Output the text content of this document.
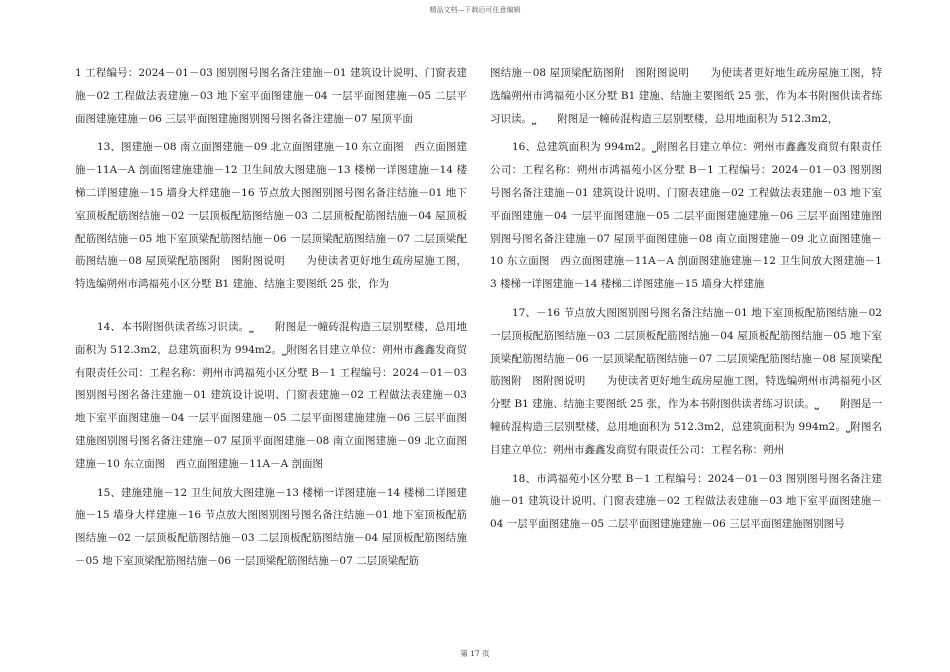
精品文档—下载后可任意编辑

1 工程编号：2024－01－03 图别图号图名备注建施－01 建筑设计说明、门窗表建施－02 工程做法表建施－03 地下室平面图建施－04 一层平面图建施－05 二层平面图建施建施－06 三层平面图建施图别图号图名备注建施－07 屋顶平面

13、图建施－08 南立面图建施－09 北立面图建施－10 东立面图　西立面图建施－11A－A 剖面图建施建施－12 卫生间放大图建施－13 楼梯一详图建施－14 楼梯二详图建施－15 墙身大样建施－16 节点放大图图别图号图名备注结施－01 地下室顶板配筋图结施－02 一层顶板配筋图结施－03 二层顶板配筋图结施－04 屋顶板配筋图结施－05 地下室顶梁配筋图结施－06 一层顶梁配筋图结施－07 二层顶梁配筋图结施－08 屋顶梁配筋图附　图附图说明　　为使读者更好地生疏房屋施工图，特选编朔州市鸿福苑小区分墅 B1 建施、结施主要图纸 25 张，作为

14、本书附图供读者练习识读。⎵　　附图是一幢砖混构造三层别墅楼，总用地面积为 512.3m2，总建筑面积为 994m2。⎵附图名目建立单位：朔州市鑫鑫发商贸有限责任公司：工程名称：朔州市鸿福苑小区分墅 B－1 工程编号：2024－01－03 图别图号图名备注建施－01 建筑设计说明、门窗表建施－02 工程做法表建施－03 地下室平面图建施－04 一层平面图建施－05 二层平面图建施建施－06 三层平面图建施图别图号图名备注建施－07 屋顶平面图建施－08 南立面图建施－09 北立面图建施－10 东立面图　西立面图建施－11A－A 剖面图

15、建施建施－12 卫生间放大图建施－13 楼梯一详图建施－14 楼梯二详图建施－15 墙身大样建施－16 节点放大图图别图号图名备注结施－01 地下室顶板配筋图结施－02 一层顶板配筋图结施－03 二层顶板配筋图结施－04 屋顶板配筋图结施－05 地下室顶梁配筋图结施－06 一层顶梁配筋图结施－07 二层顶梁配筋

图结施－08 屋顶梁配筋图附　图附图说明　　为使读者更好地生疏房屋施工图，特选编朔州市鸿福苑小区分墅 B1 建施、结施主要图纸 25 张，作为本书附图供读者练习识读。⎵　　附图是一幢砖混构造三层别墅楼，总用地面积为 512.3m2，

16、总建筑面积为 994m2。⎵附图名目建立单位：朔州市鑫鑫发商贸有限责任公司：工程名称：朔州市鸿福苑小区分墅 B－1 工程编号：2024－01－03 图别图号图名备注建施－01 建筑设计说明、门窗表建施－02 工程做法表建施－03 地下室平面图建施－04 一层平面图建施－05 二层平面图建施建施－06 三层平面图建施图别图号图名备注建施－07 屋顶平面图建施－08 南立面图建施－09 北立面图建施－10 东立面图　西立面图建施－11A－A 剖面图建施建施－12 卫生间放大图建施－13 楼梯一详图建施－14 楼梯二详图建施－15 墙身大样建施

17、－16 节点放大图图别图号图名备注结施－01 地下室顶板配筋图结施－02 一层顶板配筋图结施－03 二层顶板配筋图结施－04 屋顶板配筋图结施－05 地下室顶梁配筋图结施－06 一层顶梁配筋图结施－07 二层顶梁配筋图结施－08 屋顶梁配筋图附　图附图说明　　为使读者更好地生疏房屋施工图，特选编朔州市鸿福苑小区分墅 B1 建施、结施主要图纸 25 张，作为本书附图供读者练习识读。⎵　　附图是一幢砖混构造三层别墅楼，总用地面积为 512.3m2，总建筑面积为 994m2。⎵附图名目建立单位：朔州市鑫鑫发商贸有限责任公司：工程名称：朔州

18、市鸿福苑小区分墅 B－1 工程编号：2024－01－03 图别图号图名备注建施－01 建筑设计说明、门窗表建施－02 工程做法表建施－03 地下室平面图建施－04 一层平面图建施－05 二层平面图建施建施－06 三层平面图建施图别图号

第 17 页
